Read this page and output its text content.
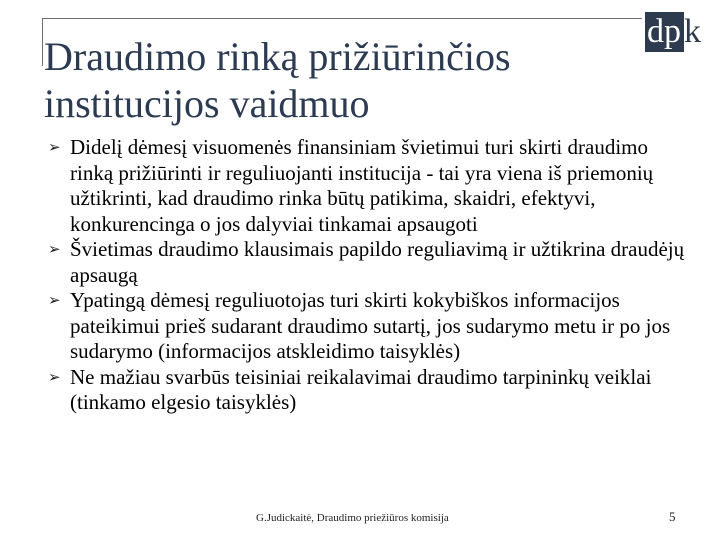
dp k
Draudimo rinką prižiūrinčios
institucijos vaidmuo
➢ Didelį dėmesį visuomenės finansiniam švietimui turi skirti draudimo rinką prižiūrinti ir reguliuojanti institucija - tai yra viena iš priemonių užtikrinti, kad draudimo rinka būtų patikima, skaidri, efektyvi, konkurencinga o jos dalyviai tinkamai apsaugoti
➢ Švietimas draudimo klausimais papildo reguliavimą ir užtikrina draudėjų apsaugą
➢ Ypatingą dėmesį reguliuotojas turi skirti kokybiškos informacijos pateikimui prieš sudarant draudimo sutartį, jos sudarymo metu ir po jos sudarymo (informacijos atskleidimo taisyklės)
➢ Ne mažiau svarbūs teisiniai reikalavimai draudimo tarpininkų veiklai (tinkamo elgesio taisyklės)
G.Judickaitė, Draudimo priežiūros komisija	5
